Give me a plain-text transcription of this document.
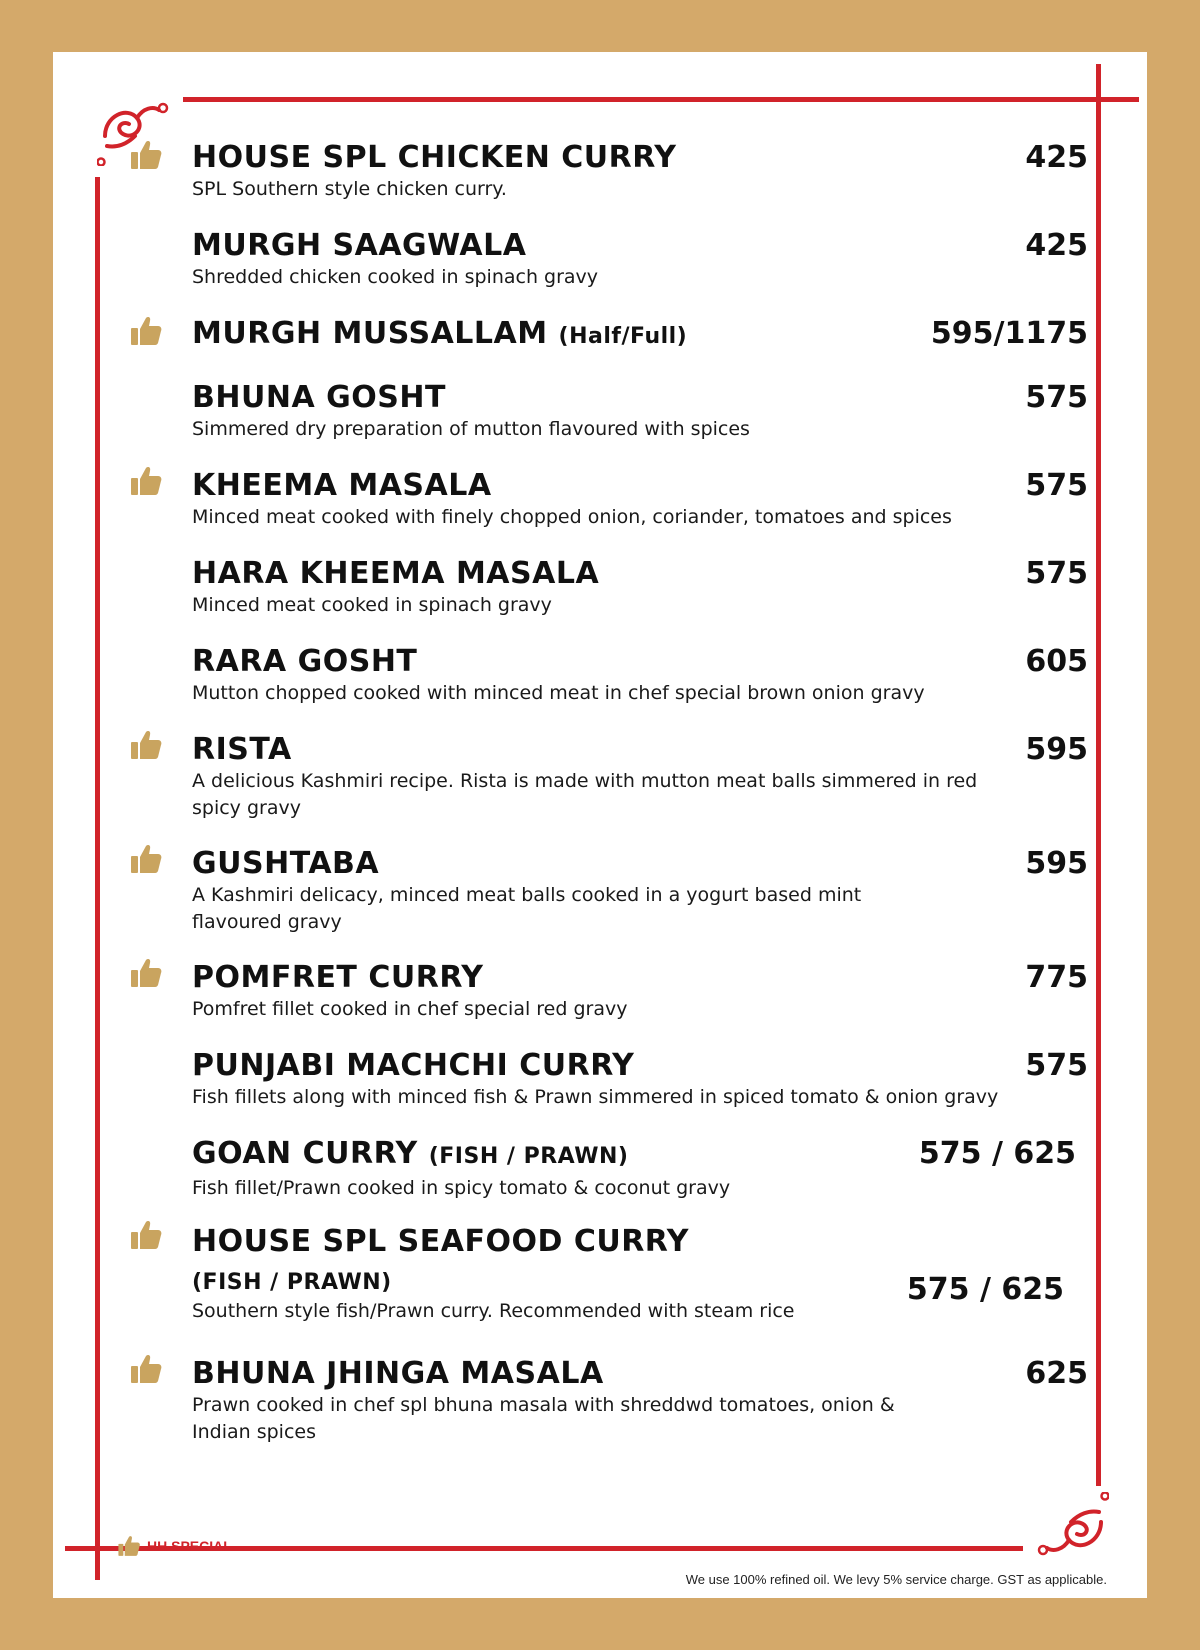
HOUSE SPL CHICKEN CURRY	425
SPL Southern style chicken curry.
MURGH SAAGWALA	425
Shredded chicken cooked in spinach gravy
MURGH MUSSALLAM (Half/Full)	595/1175
BHUNA GOSHT	575
Simmered dry preparation of mutton flavoured with spices
KHEEMA MASALA	575
Minced meat cooked with finely chopped onion, coriander, tomatoes and spices
HARA KHEEMA MASALA	575
Minced meat cooked in spinach gravy
RARA GOSHT	605
Mutton chopped cooked with minced meat in chef special brown onion gravy
RISTA	595
A delicious Kashmiri recipe. Rista is made with mutton meat balls simmered in red spicy gravy
GUSHTABA	595
A Kashmiri delicacy, minced meat balls cooked in a yogurt based mint flavoured gravy
POMFRET CURRY	775
Pomfret fillet cooked in chef special red gravy
PUNJABI MACHCHI CURRY	575
Fish fillets along with minced fish & Prawn simmered in spiced tomato & onion gravy
GOAN CURRY (FISH / PRAWN)	575 / 625
Fish fillet/Prawn cooked in spicy tomato & coconut gravy
HOUSE SPL SEAFOOD CURRY
(FISH / PRAWN)	575 / 625
Southern style fish/Prawn curry. Recommended with steam rice
BHUNA JHINGA MASALA	625
Prawn cooked in chef spl bhuna masala with shreddwd tomatoes, onion & Indian spices
HH SPECIAL
We use 100% refined oil. We levy 5% service charge. GST as applicable.
